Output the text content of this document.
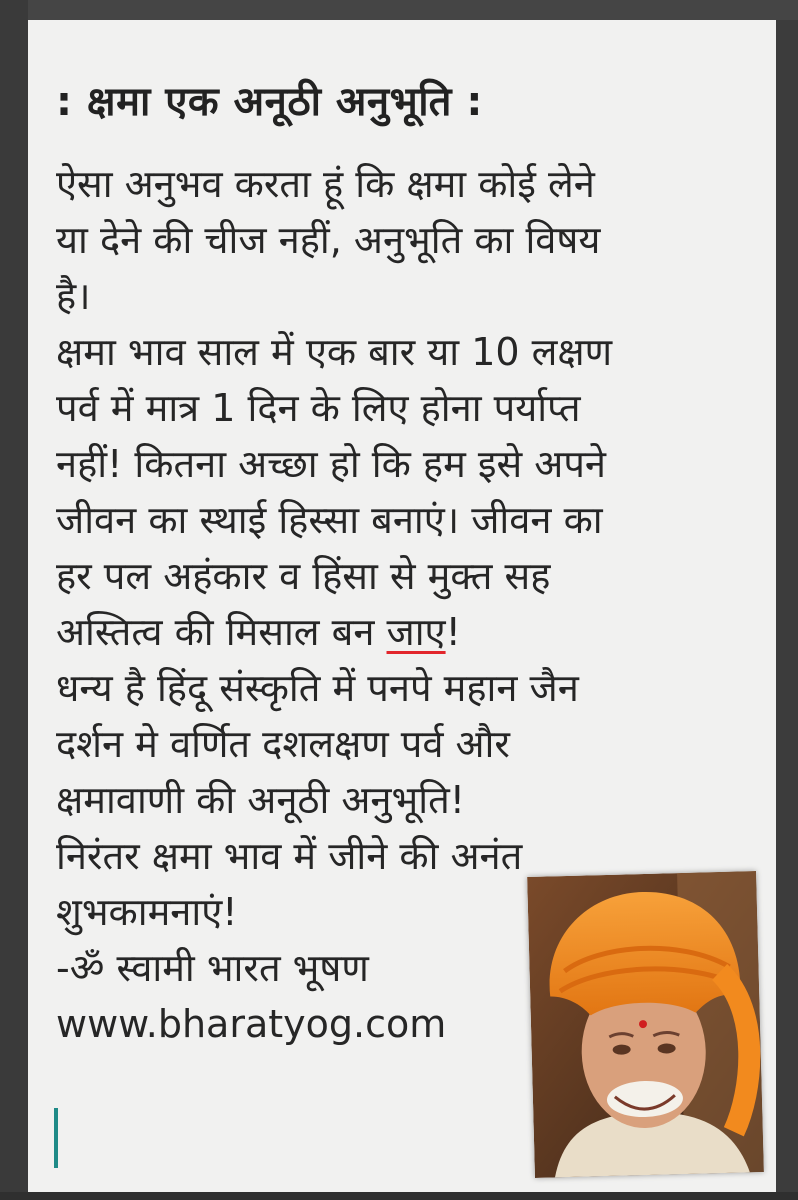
: क्षमा एक अनूठी अनुभूति :
ऐसा अनुभव करता हूं कि क्षमा कोई लेने
या देने की चीज नहीं, अनुभूति का विषय
है।
क्षमा भाव साल में एक बार या 10 लक्षण
पर्व में मात्र 1 दिन के लिए होना पर्याप्त
नहीं! कितना अच्छा हो कि हम इसे अपने
जीवन का स्थाई हिस्सा बनाएं। जीवन का
हर पल अहंकार व हिंसा से मुक्त सह
अस्तित्व की मिसाल बन जाए!
धन्य है हिंदू संस्कृति में पनपे महान जैन
दर्शन मे वर्णित दशलक्षण पर्व और
क्षमावाणी की अनूठी अनुभूति!
निरंतर क्षमा भाव में जीने की अनंत
शुभकामनाएं!
-ॐ स्वामी भारत भूषण
www.bharatyog.com
